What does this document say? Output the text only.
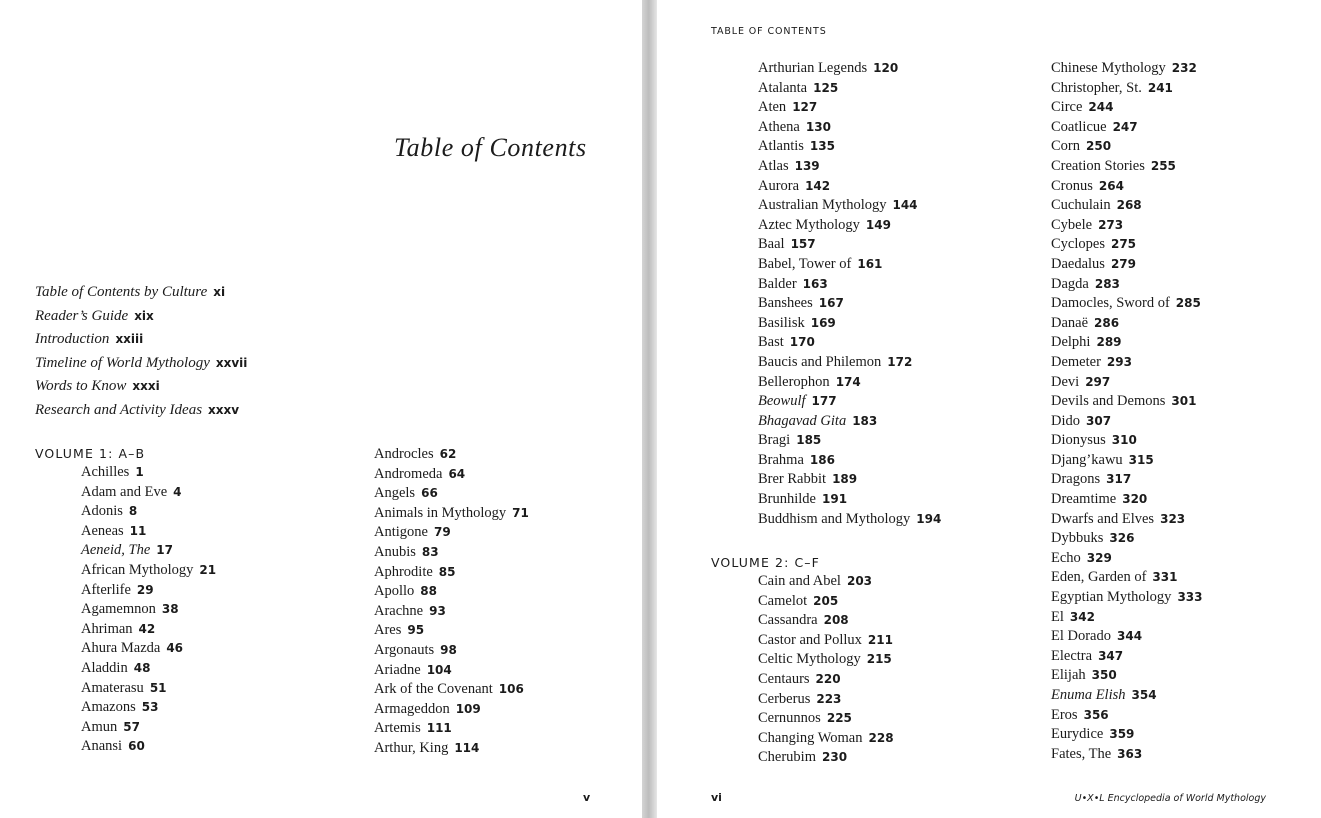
Table of Contents
Table of Contents by Culture xi
Reader’s Guide xix
Introduction xxiii
Timeline of World Mythology xxvii
Words to Know xxxi
Research and Activity Ideas xxxv
VOLUME 1: A–B
Achilles 1
Adam and Eve 4
Adonis 8
Aeneas 11
Aeneid, The 17
African Mythology 21
Afterlife 29
Agamemnon 38
Ahriman 42
Ahura Mazda 46
Aladdin 48
Amaterasu 51
Amazons 53
Amun 57
Anansi 60
Androcles 62
Andromeda 64
Angels 66
Animals in Mythology 71
Antigone 79
Anubis 83
Aphrodite 85
Apollo 88
Arachne 93
Ares 95
Argonauts 98
Ariadne 104
Ark of the Covenant 106
Armageddon 109
Artemis 111
Arthur, King 114
v
TABLE OF CONTENTS
Arthurian Legends 120
Atalanta 125
Aten 127
Athena 130
Atlantis 135
Atlas 139
Aurora 142
Australian Mythology 144
Aztec Mythology 149
Baal 157
Babel, Tower of 161
Balder 163
Banshees 167
Basilisk 169
Bast 170
Baucis and Philemon 172
Bellerophon 174
Beowulf 177
Bhagavad Gita 183
Bragi 185
Brahma 186
Brer Rabbit 189
Brunhilde 191
Buddhism and Mythology 194
VOLUME 2: C–F
Cain and Abel 203
Camelot 205
Cassandra 208
Castor and Pollux 211
Celtic Mythology 215
Centaurs 220
Cerberus 223
Cernunnos 225
Changing Woman 228
Cherubim 230
Chinese Mythology 232
Christopher, St. 241
Circe 244
Coatlicue 247
Corn 250
Creation Stories 255
Cronus 264
Cuchulain 268
Cybele 273
Cyclopes 275
Daedalus 279
Dagda 283
Damocles, Sword of 285
Danaë 286
Delphi 289
Demeter 293
Devi 297
Devils and Demons 301
Dido 307
Dionysus 310
Djang’kawu 315
Dragons 317
Dreamtime 320
Dwarfs and Elves 323
Dybbuks 326
Echo 329
Eden, Garden of 331
Egyptian Mythology 333
El 342
El Dorado 344
Electra 347
Elijah 350
Enuma Elish 354
Eros 356
Eurydice 359
Fates, The 363
vi	U•X•L Encyclopedia of World Mythology
